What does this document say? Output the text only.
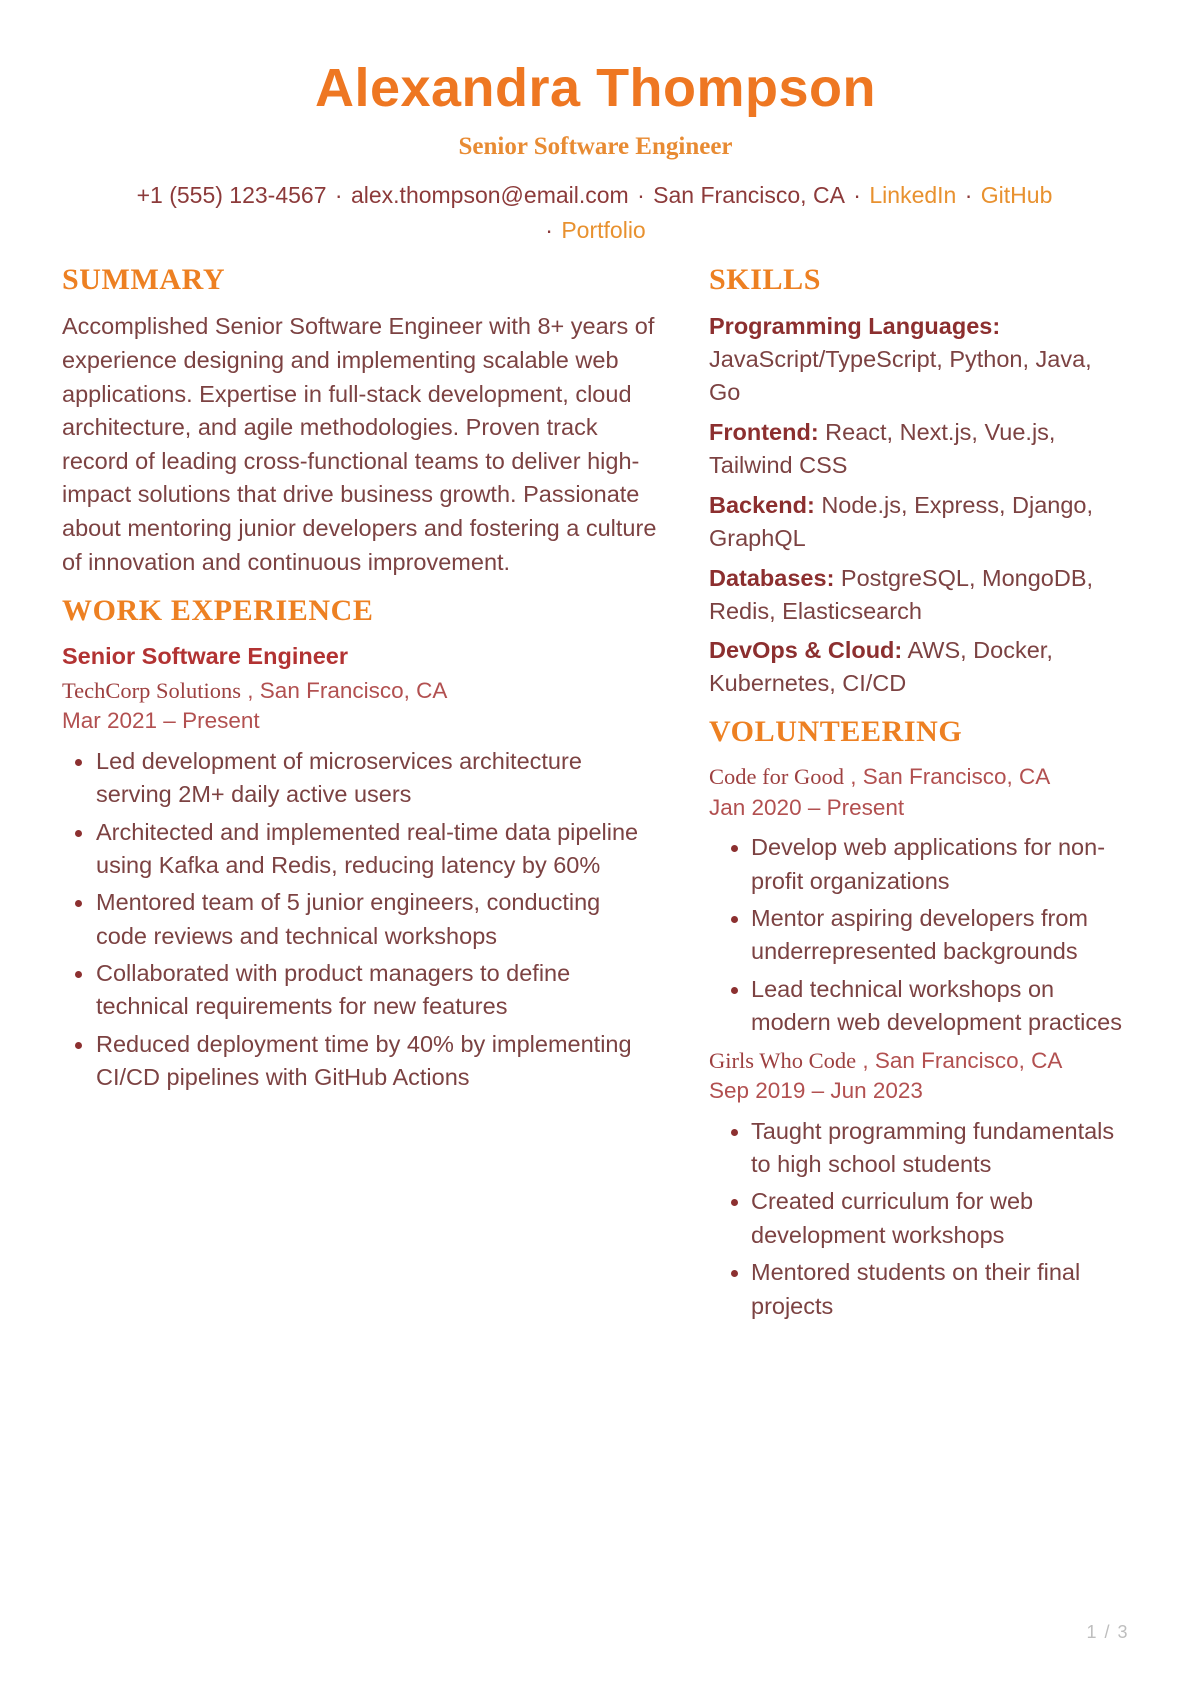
Alexandra Thompson
Senior Software Engineer
+1 (555) 123-4567 · alex.thompson@email.com · San Francisco, CA · LinkedIn · GitHub · Portfolio
SUMMARY

Accomplished Senior Software Engineer with 8+ years of experience designing and implementing scalable web applications. Expertise in full-stack development, cloud architecture, and agile methodologies. Proven track record of leading cross-functional teams to deliver high-impact solutions that drive business growth. Passionate about mentoring junior developers and fostering a culture of innovation and continuous improvement.

WORK EXPERIENCE
Senior Software Engineer
TechCorp Solutions , San Francisco, CA
Mar 2021 – Present
Led development of microservices architecture serving 2M+ daily active users
Architected and implemented real-time data pipeline using Kafka and Redis, reducing latency by 60%
Mentored team of 5 junior engineers, conducting code reviews and technical workshops
Collaborated with product managers to define technical requirements for new features
Reduced deployment time by 40% by implementing CI/CD pipelines with GitHub Actions
SKILLS
Programming Languages: JavaScript/TypeScript, Python, Java, Go
Frontend: React, Next.js, Vue.js, Tailwind CSS
Backend: Node.js, Express, Django, GraphQL
Databases: PostgreSQL, MongoDB, Redis, Elasticsearch
DevOps & Cloud: AWS, Docker, Kubernetes, CI/CD
VOLUNTEERING
Code for Good , San Francisco, CA
Jan 2020 – Present
Develop web applications for non-profit organizations
Mentor aspiring developers from underrepresented backgrounds
Lead technical workshops on modern web development practices
Girls Who Code , San Francisco, CA
Sep 2019 – Jun 2023
Taught programming fundamentals to high school students
Created curriculum for web development workshops
Mentored students on their final projects
1 / 3
